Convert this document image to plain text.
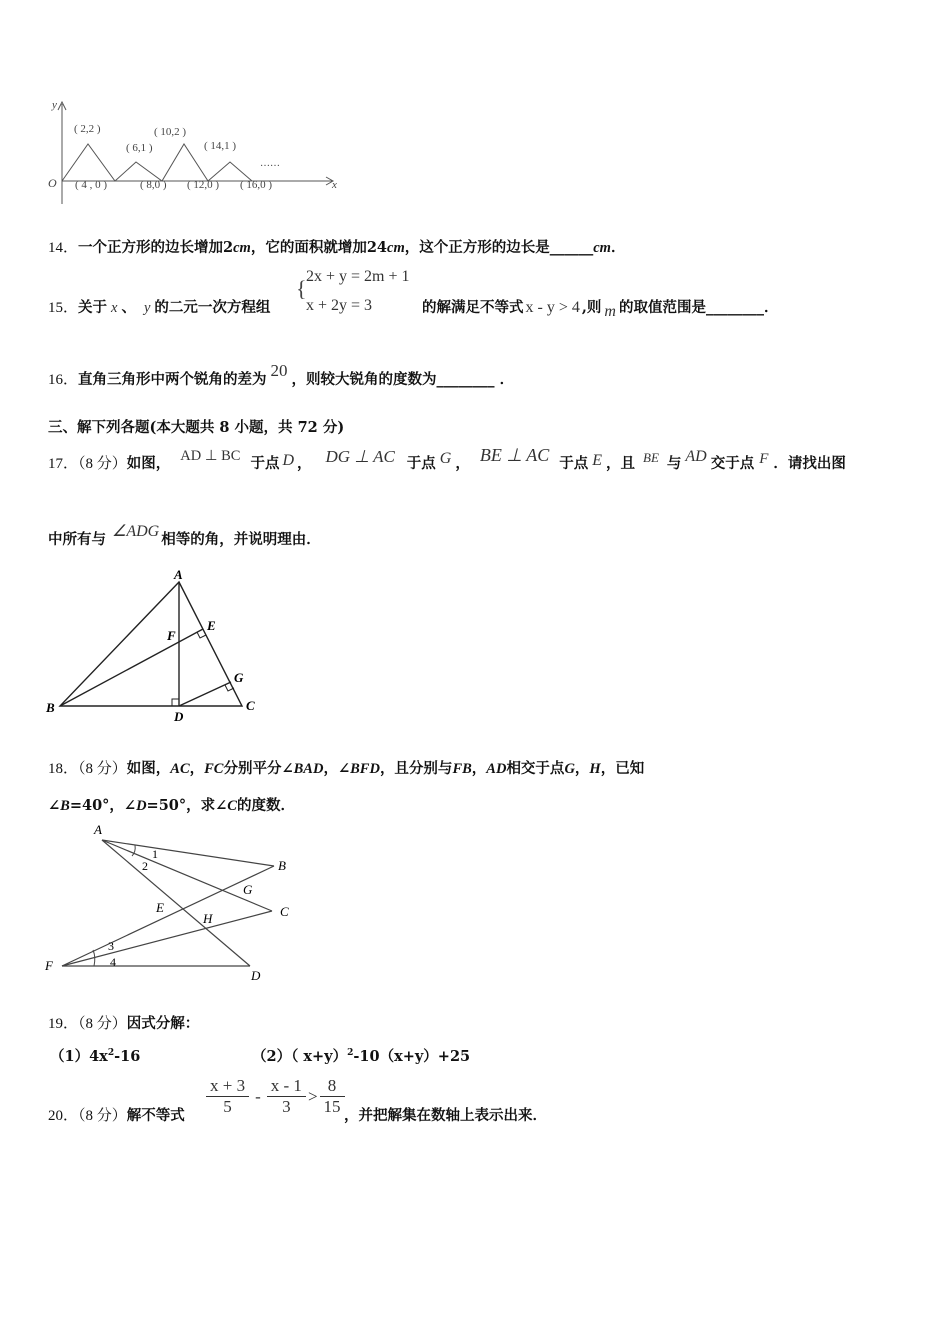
y
x
O
( 2,2 )
( 6,1 )
( 10,2 )
( 14,1 )
( 4 , 0 )	( 8,0 ) ( 12,0 ) ( 16,0 )
……
14．一个正方形的边长增加2cm，它的面积就增加24cm，这个正方形的边长是______cm．
15．关于 x 、 y 的二元一次方程组
{ 2x + y = 2m + 1
x + 2y = 3	的解满足不等式 x - y > 4 ,则 m 的取值范围是________．
16．直角三角形中两个锐角的差为 20 ，则较大锐角的度数为________ ．
三、解下列各题(本大题共 8 小题，共 72 分)
17．（8 分）如图， AD ⊥ BC 于点 D ， DG ⊥ AC 于点 G ， BE ⊥ AC 于点 E ，且 BE 与 AD 交于点 F ．请找出图
中所有与 ∠ADG 相等的角，并说明理由．
A
B	C
D
E
F
G
18．（8 分）如图，AC，FC分别平分∠BAD，∠BFD，且分别与FB，AD相交于点G，H，已知
∠B=40°，∠D=50°，求∠C的度数．
A
B
C
D
E
F
G
H
1
2
3
4
19．（8 分）因式分解：
$(1)4x^2-16$	（2）（ x+y）$^2$-10（x+y）+25
20．（8 分）解不等式 $\frac{x + 3}{5} - \frac{x - 1}{3} > \frac{8}{15}$ ，并把解集在数轴上表示出来．
